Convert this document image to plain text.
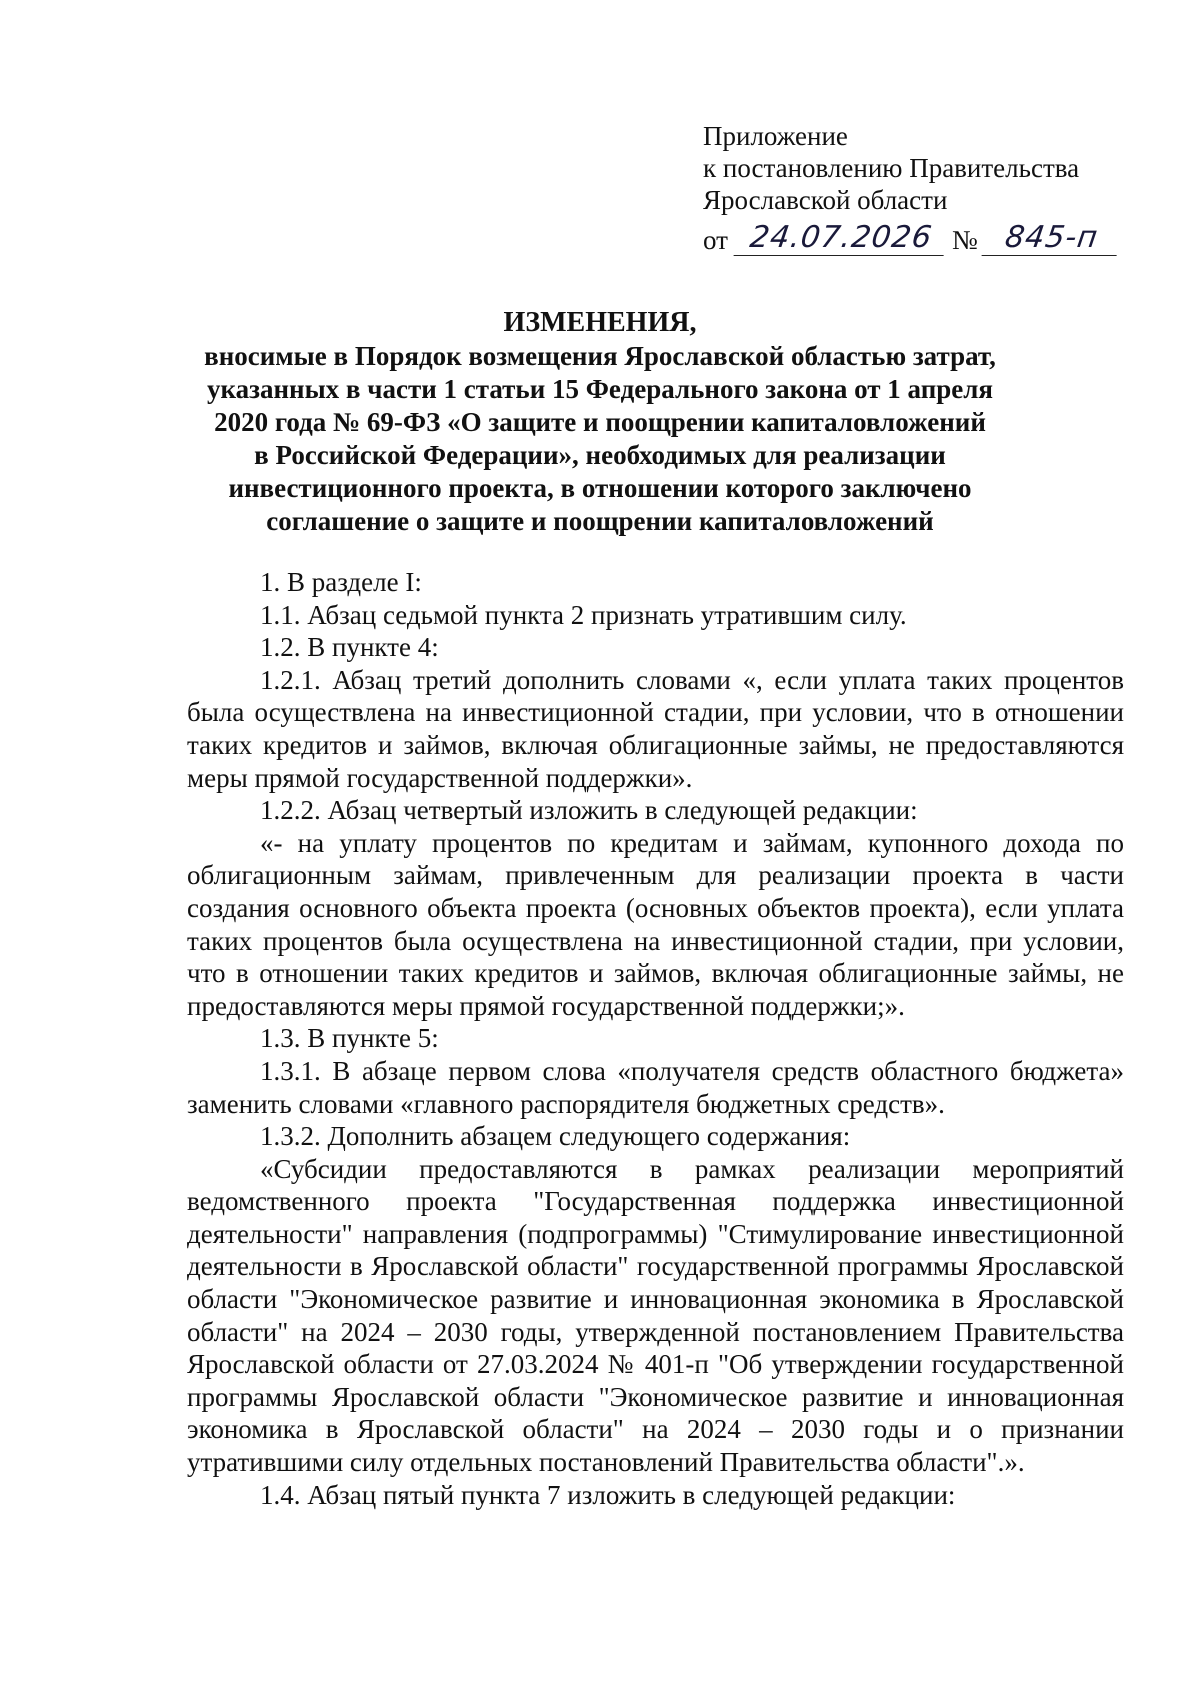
Приложение
к постановлению Правительства
Ярославской области
от 24.07.2026 № 845-п
ИЗМЕНЕНИЯ,
вносимые в Порядок возмещения Ярославской областью затрат,
указанных в части 1 статьи 15 Федерального закона от 1 апреля
2020 года № 69-ФЗ «О защите и поощрении капиталовложений
в Российской Федерации», необходимых для реализации
инвестиционного проекта, в отношении которого заключено
соглашение о защите и поощрении капиталовложений

1. В разделе I:

1.1. Абзац седьмой пункта 2 признать утратившим силу.

1.2. В пункте 4:

1.2.1. Абзац третий дополнить словами «, если уплата таких процентов была осуществлена на инвестиционной стадии, при условии, что в отношении таких кредитов и займов, включая облигационные займы, не предоставляются меры прямой государственной поддержки».

1.2.2. Абзац четвертый изложить в следующей редакции:

«- на уплату процентов по кредитам и займам, купонного дохода по облигационным займам, привлеченным для реализации проекта в части создания основного объекта проекта (основных объектов проекта), если уплата таких процентов была осуществлена на инвестиционной стадии, при условии, что в отношении таких кредитов и займов, включая облигационные займы, не предоставляются меры прямой государственной поддержки;».

1.3. В пункте 5:

1.3.1. В абзаце первом слова «получателя средств областного бюджета» заменить словами «главного распорядителя бюджетных средств».

1.3.2. Дополнить абзацем следующего содержания:

«Субсидии предоставляются в рамках реализации мероприятий ведомственного проекта "Государственная поддержка инвестиционной деятельности" направления (подпрограммы) "Стимулирование инвестиционной деятельности в Ярославской области" государственной программы Ярославской области "Экономическое развитие и инновационная экономика в Ярославской области" на 2024 – 2030 годы, утвержденной постановлением Правительства Ярославской области от 27.03.2024 № 401-п "Об утверждении государственной программы Ярославской области "Экономическое развитие и инновационная экономика в Ярославской области" на 2024 – 2030 годы и о признании утратившими силу отдельных постановлений Правительства области".».

1.4. Абзац пятый пункта 7 изложить в следующей редакции:
